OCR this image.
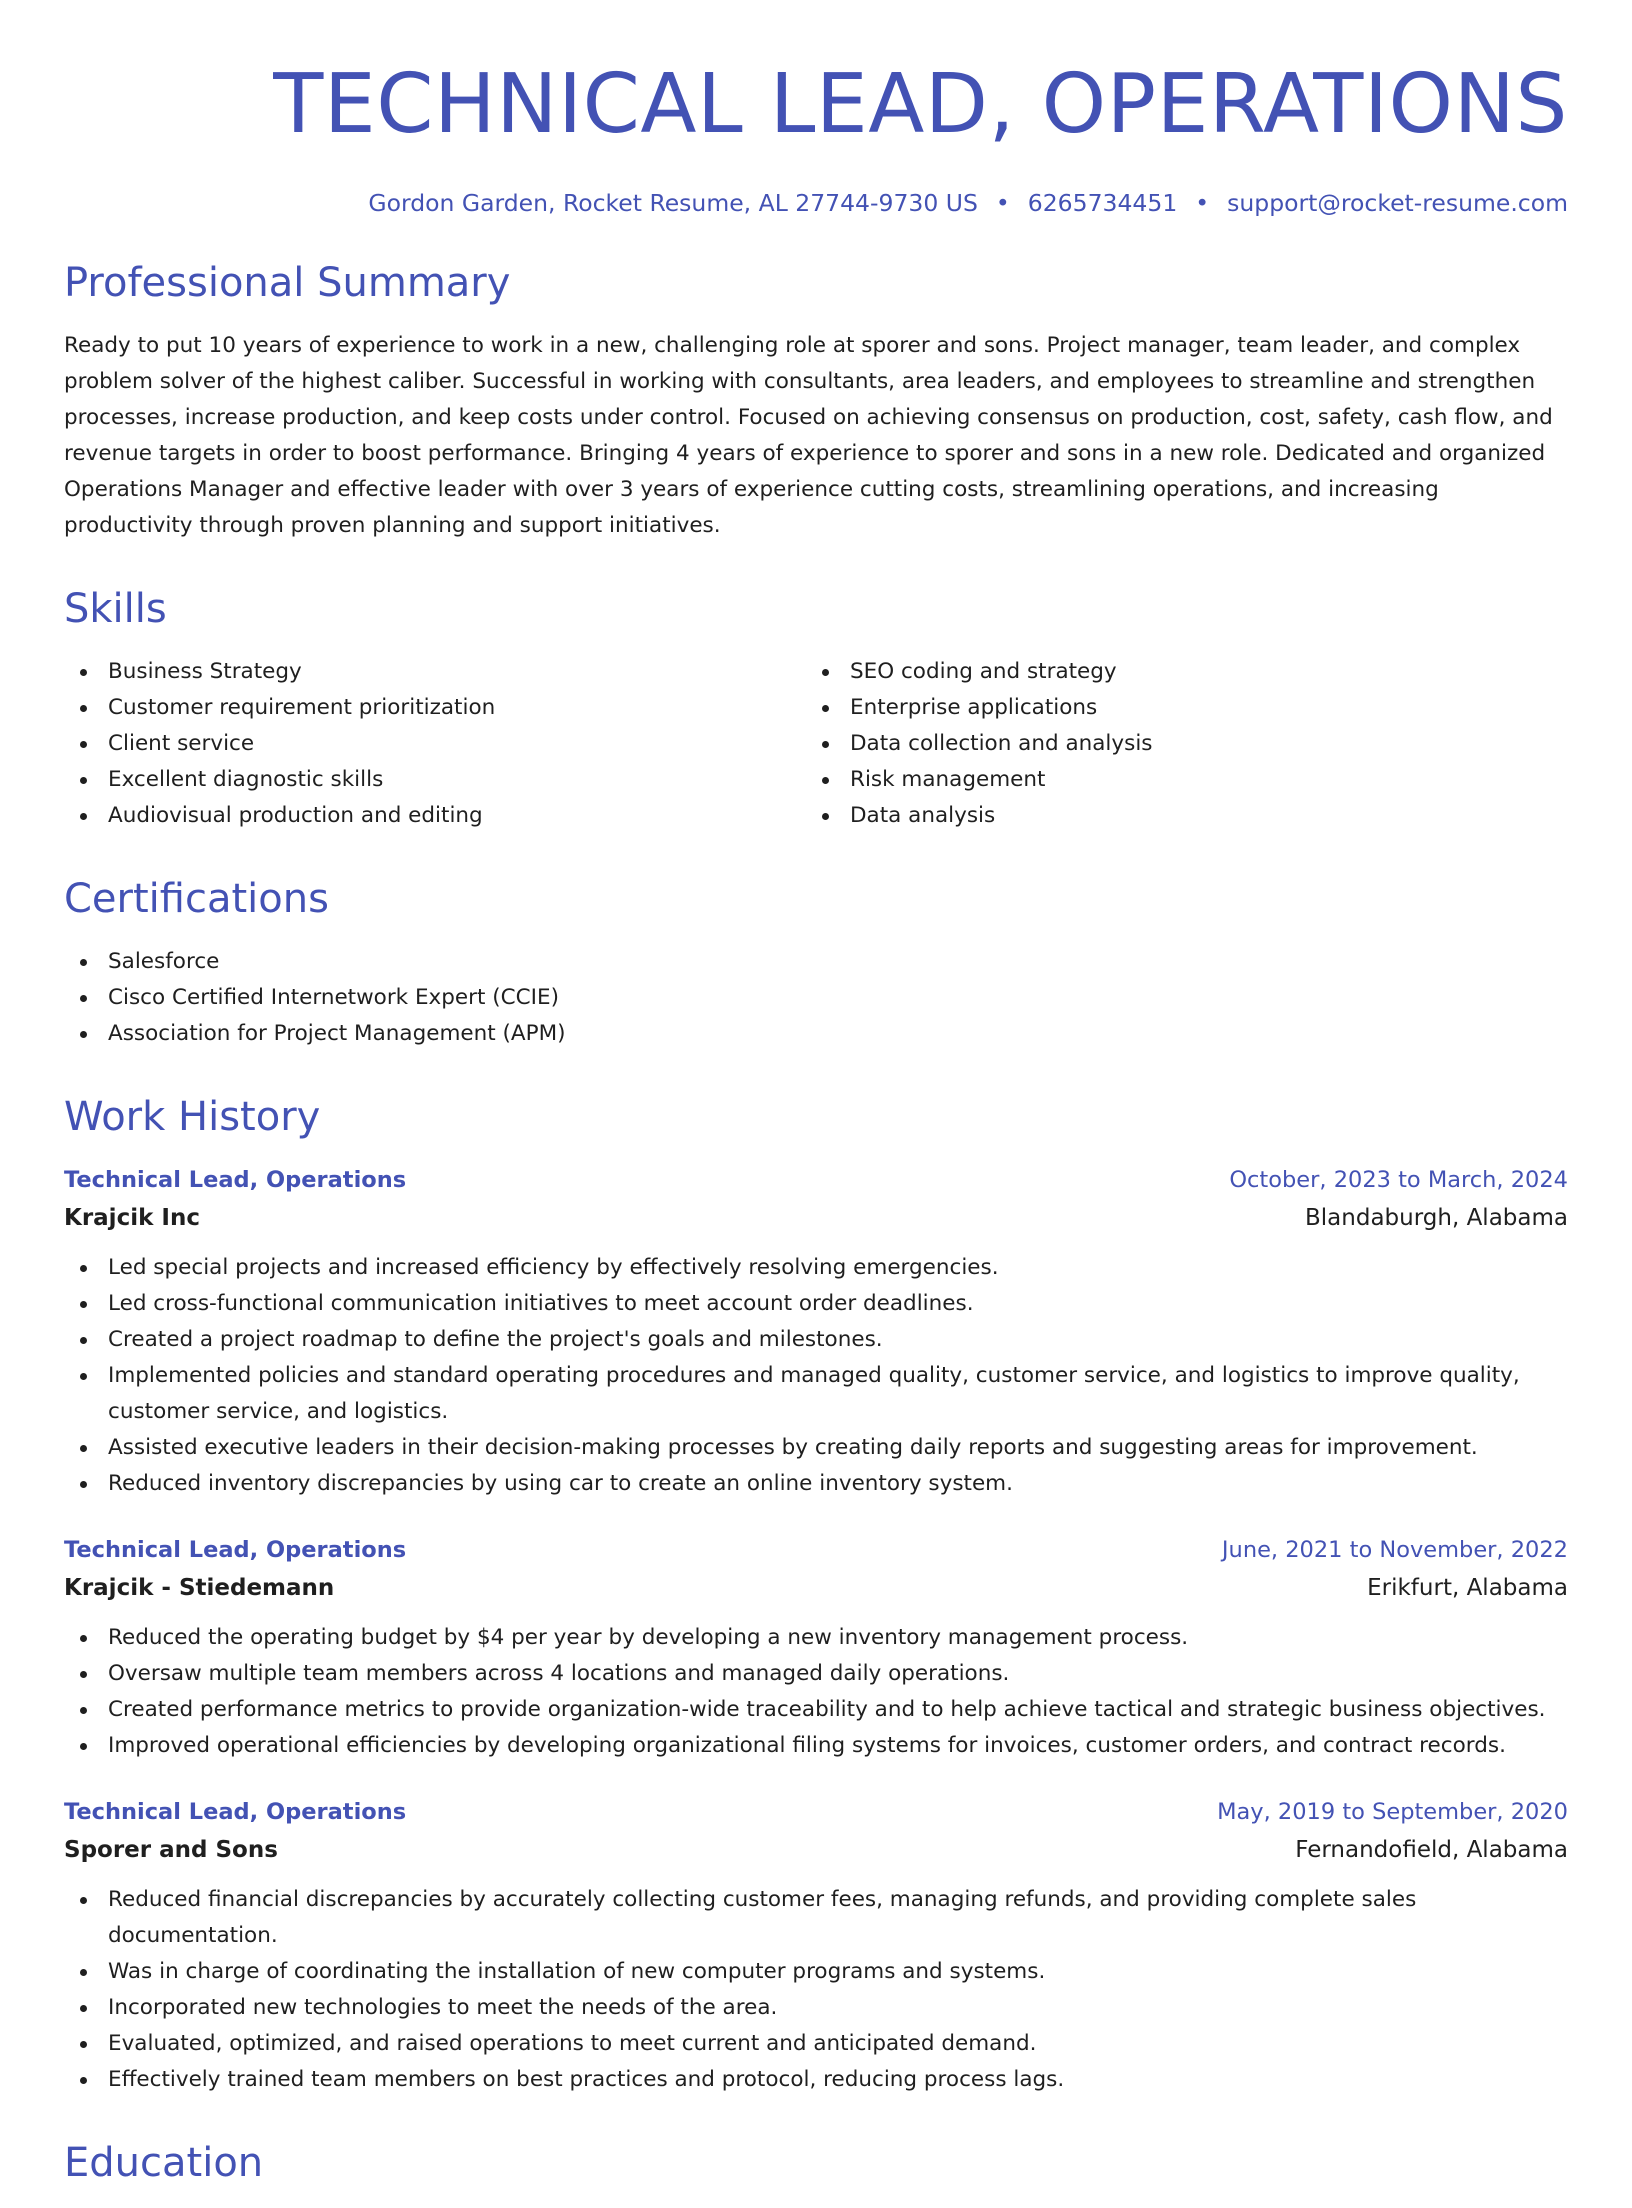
TECHNICAL LEAD, OPERATIONS
Gordon Garden, Rocket Resume, AL 27744-9730 US • 6265734451 • support@rocket-resume.com
Professional Summary

Ready to put 10 years of experience to work in a new, challenging role at sporer and sons. Project manager, team leader, and complex problem solver of the highest caliber. Successful in working with consultants, area leaders, and employees to streamline and strengthen processes, increase production, and keep costs under control. Focused on achieving consensus on production, cost, safety, cash flow, and revenue targets in order to boost performance. Bringing 4 years of experience to sporer and sons in a new role. Dedicated and organized Operations Manager and effective leader with over 3 years of experience cutting costs, streamlining operations, and increasing productivity through proven planning and support initiatives.

Skills
Business Strategy
Customer requirement prioritization
Client service
Excellent diagnostic skills
Audiovisual production and editing
SEO coding and strategy
Enterprise applications
Data collection and analysis
Risk management
Data analysis
Certifications
Salesforce
Cisco Certified Internetwork Expert (CCIE)
Association for Project Management (APM)
Work History
Technical Lead, Operations	October, 2023 to March, 2024
Krajcik Inc	Blandaburgh, Alabama
Led special projects and increased efficiency by effectively resolving emergencies.
Led cross-functional communication initiatives to meet account order deadlines.
Created a project roadmap to define the project's goals and milestones.
Implemented policies and standard operating procedures and managed quality, customer service, and logistics to improve quality, customer service, and logistics.
Assisted executive leaders in their decision-making processes by creating daily reports and suggesting areas for improvement.
Reduced inventory discrepancies by using car to create an online inventory system.
Technical Lead, Operations	June, 2021 to November, 2022
Krajcik - Stiedemann	Erikfurt, Alabama
Reduced the operating budget by $4 per year by developing a new inventory management process.
Oversaw multiple team members across 4 locations and managed daily operations.
Created performance metrics to provide organization-wide traceability and to help achieve tactical and strategic business objectives.
Improved operational efficiencies by developing organizational filing systems for invoices, customer orders, and contract records.
Technical Lead, Operations	May, 2019 to September, 2020
Sporer and Sons	Fernandofield, Alabama
Reduced financial discrepancies by accurately collecting customer fees, managing refunds, and providing complete sales documentation.
Was in charge of coordinating the installation of new computer programs and systems.
Incorporated new technologies to meet the needs of the area.
Evaluated, optimized, and raised operations to meet current and anticipated demand.
Effectively trained team members on best practices and protocol, reducing process lags.
Education
